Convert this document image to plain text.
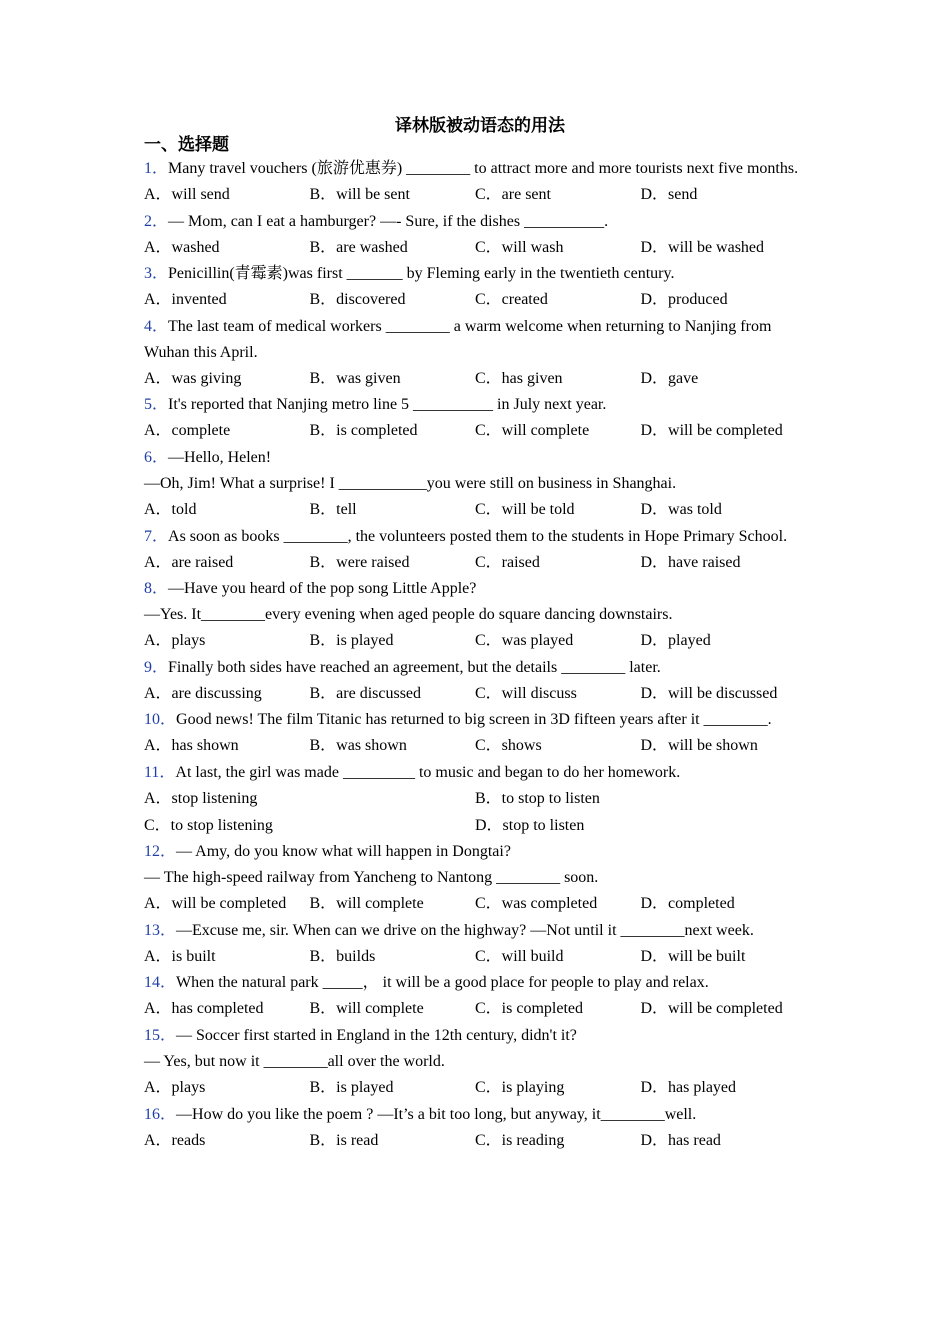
译林版被动语态的用法
一、选择题
1．Many travel vouchers (旅游优惠券) ________ to attract more and more tourists next five months.
A．will send	B．will be sent	C．are sent	D．send
2．— Mom, can I eat a hamburger? —- Sure, if the dishes __________.
A．washed	B．are washed	C．will wash	D．will be washed
3．Penicillin(青霉素)was first _______ by Fleming early in the twentieth century.
A．invented	B．discovered	C．created	D．produced
4．The last team of medical workers ________ a warm welcome when returning to Nanjing from Wuhan this April.
A．was giving	B．was given	C．has given	D．gave
5．It's reported that Nanjing metro line 5 __________ in July next year.
A．complete	B．is completed	C．will complete	D．will be completed
6．—Hello, Helen!
—Oh, Jim! What a surprise! I ___________you were still on business in Shanghai.
A．told	B．tell	C．will be told	D．was told
7．As soon as books ________, the volunteers posted them to the students in Hope Primary School.
A．are raised	B．were raised	C．raised	D．have raised
8．—Have you heard of the pop song Little Apple?
—Yes. It________every evening when aged people do square dancing downstairs.
A．plays	B．is played	C．was played	D．played
9．Finally both sides have reached an agreement, but the details ________ later.
A．are discussing	B．are discussed	C．will discuss	D．will be discussed
10．Good news! The film Titanic has returned to big screen in 3D fifteen years after it ________.
A．has shown	B．was shown	C．shows	D．will be shown
11．At last, the girl was made _________ to music and began to do her homework.
A．stop listening	B．to stop to listen
C．to stop listening	D．stop to listen
12．— Amy, do you know what will happen in Dongtai?
— The high-speed railway from Yancheng to Nantong ________ soon.
A．will be completed	B．will complete	C．was completed	D．completed
13．—Excuse me, sir. When can we drive on the highway? —Not until it ________next week.
A．is built	B．builds	C．will build	D．will be built
14．When the natural park _____， it will be a good place for people to play and relax.
A．has completed	B．will complete	C．is completed	D．will be completed
15．— Soccer first started in England in the 12th century, didn't it?
— Yes, but now it ________all over the world.
A．plays	B．is played	C．is playing	D．has played
16．—How do you like the poem ? —It’s a bit too long, but anyway, it________well.
A．reads	B．is read	C．is reading	D．has read
